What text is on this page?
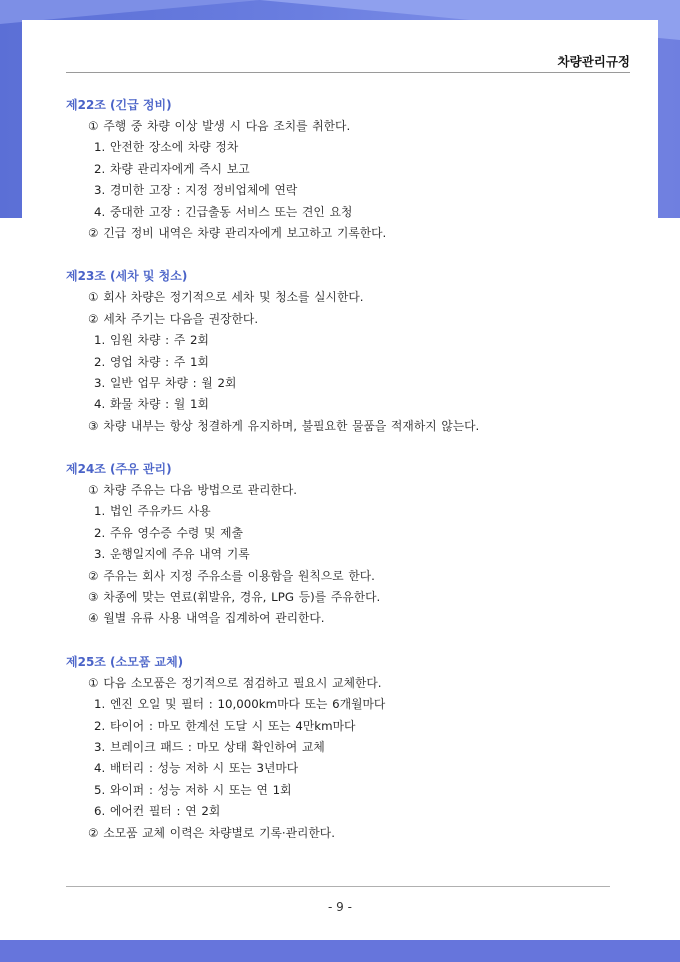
차량관리규정
제22조 (긴급 정비)
① 주행 중 차량 이상 발생 시 다음 조치를 취한다.
1. 안전한 장소에 차량 정차
2. 차량 관리자에게 즉시 보고
3. 경미한 고장 : 지정 정비업체에 연락
4. 중대한 고장 : 긴급출동 서비스 또는 견인 요청
② 긴급 정비 내역은 차량 관리자에게 보고하고 기록한다.
제23조 (세차 및 청소)
① 회사 차량은 정기적으로 세차 및 청소를 실시한다.
② 세차 주기는 다음을 권장한다.
1. 임원 차량 : 주 2회
2. 영업 차량 : 주 1회
3. 일반 업무 차량 : 월 2회
4. 화물 차량 : 월 1회
③ 차량 내부는 항상 청결하게 유지하며, 불필요한 물품을 적재하지 않는다.
제24조 (주유 관리)
① 차량 주유는 다음 방법으로 관리한다.
1. 법인 주유카드 사용
2. 주유 영수증 수령 및 제출
3. 운행일지에 주유 내역 기록
② 주유는 회사 지정 주유소를 이용함을 원칙으로 한다.
③ 차종에 맞는 연료(휘발유, 경유, LPG 등)를 주유한다.
④ 월별 유류 사용 내역을 집계하여 관리한다.
제25조 (소모품 교체)
① 다음 소모품은 정기적으로 점검하고 필요시 교체한다.
1. 엔진 오일 및 필터 : 10,000km마다 또는 6개월마다
2. 타이어 : 마모 한계선 도달 시 또는 4만km마다
3. 브레이크 패드 : 마모 상태 확인하여 교체
4. 배터리 : 성능 저하 시 또는 3년마다
5. 와이퍼 : 성능 저하 시 또는 연 1회
6. 에어컨 필터 : 연 2회
② 소모품 교체 이력은 차량별로 기록·관리한다.
- 9 -
